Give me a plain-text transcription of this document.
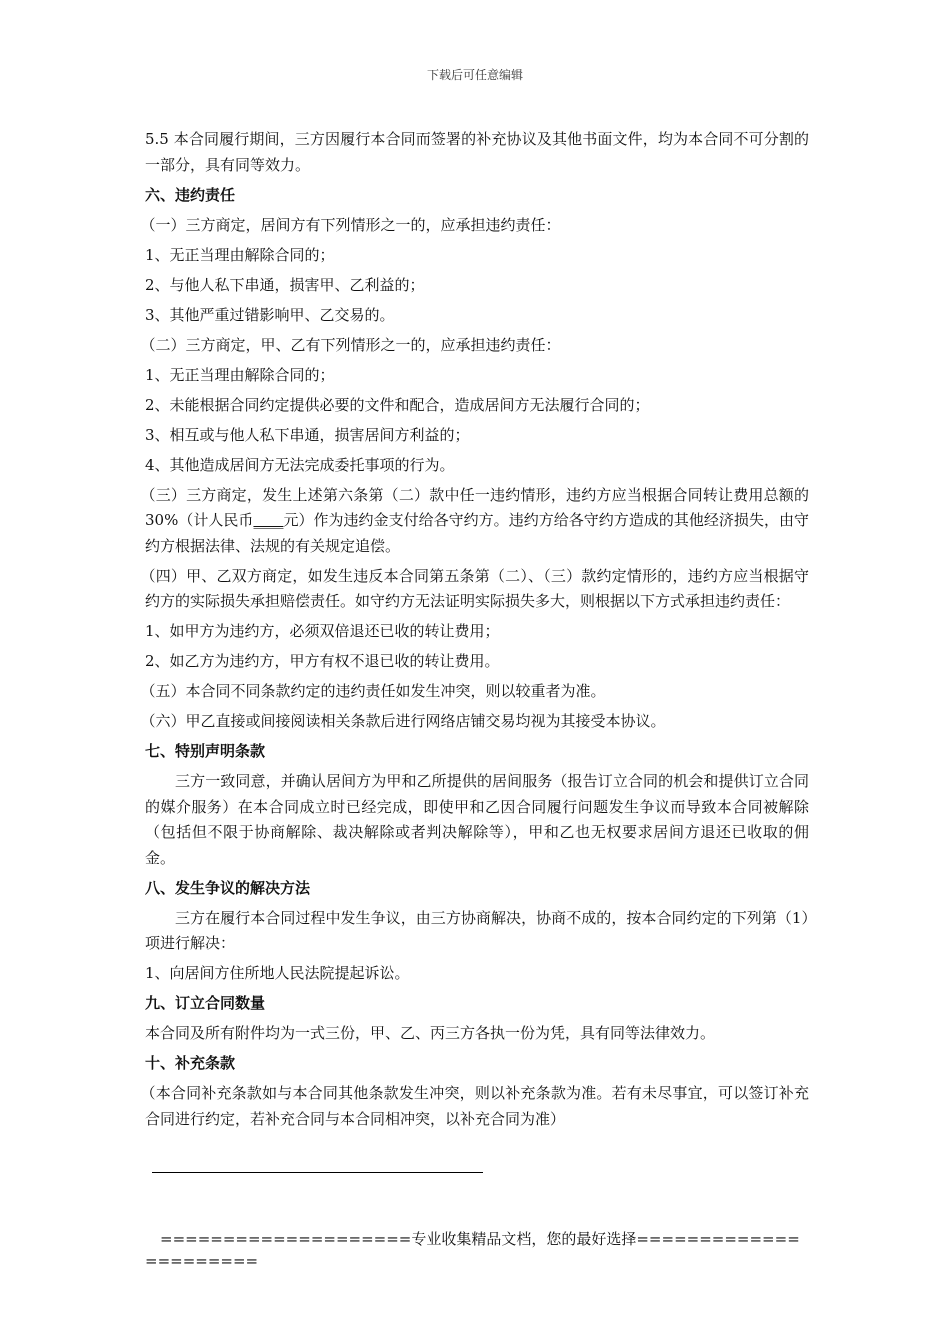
下载后可任意编辑

5.5 本合同履行期间，三方因履行本合同而签署的补充协议及其他书面文件，均为本合同不可分割的一部分，具有同等效力。

六、违约责任

（一）三方商定，居间方有下列情形之一的，应承担违约责任：

1、无正当理由解除合同的；

2、与他人私下串通，损害甲、乙利益的；

3、其他严重过错影响甲、乙交易的。

（二）三方商定，甲、乙有下列情形之一的，应承担违约责任：

1、无正当理由解除合同的；

2、未能根据合同约定提供必要的文件和配合，造成居间方无法履行合同的；

3、相互或与他人私下串通，损害居间方利益的；

4、其他造成居间方无法完成委托事项的行为。

（三）三方商定，发生上述第六条第（二）款中任一违约情形，违约方应当根据合同转让费用总额的 30%（计人民币____元）作为违约金支付给各守约方。违约方给各守约方造成的其他经济损失，由守约方根据法律、法规的有关规定追偿。

（四）甲、乙双方商定，如发生违反本合同第五条第（二）、（三）款约定情形的，违约方应当根据守约方的实际损失承担赔偿责任。如守约方无法证明实际损失多大，则根据以下方式承担违约责任：

1、如甲方为违约方，必须双倍退还已收的转让费用；

2、如乙方为违约方，甲方有权不退已收的转让费用。

（五）本合同不同条款约定的违约责任如发生冲突，则以较重者为准。

（六）甲乙直接或间接阅读相关条款后进行网络店铺交易均视为其接受本协议。

七、特别声明条款

三方一致同意，并确认居间方为甲和乙所提供的居间服务（报告订立合同的机会和提供订立合同的媒介服务）在本合同成立时已经完成，即使甲和乙因合同履行问题发生争议而导致本合同被解除（包括但不限于协商解除、裁决解除或者判决解除等），甲和乙也无权要求居间方退还已收取的佣金。

八、发生争议的解决方法

三方在履行本合同过程中发生争议，由三方协商解决，协商不成的，按本合同约定的下列第（1）项进行解决：

1、向居间方住所地人民法院提起诉讼。

九、订立合同数量

本合同及所有附件均为一式三份，甲、乙、丙三方各执一份为凭，具有同等法律效力。

十、补充条款

（本合同补充条款如与本合同其他条款发生冲突，则以补充条款为准。若有未尽事宜，可以签订补充合同进行约定，若补充合同与本合同相冲突，以补充合同为准）

====================专业收集精品文档，您的最好选择======================
